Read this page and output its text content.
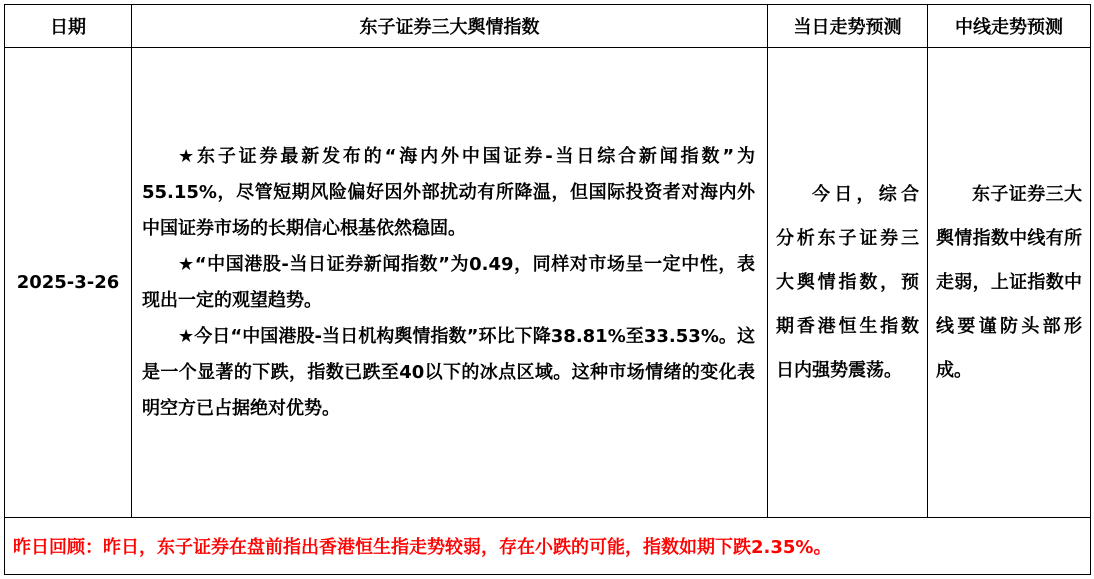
日期	东子证券三大舆情指数	当日走势预测	中线走势预测
2025-3-26	★东子证券最新发布的“海内外中国证券-当日综合新闻指数”为55.15%，尽管短期风险偏好因外部扰动有所降温，但国际投资者对海内外中国证券市场的长期信心根基依然稳固。

★“中国港股-当日证券新闻指数”为0.49，同样对市场呈一定中性，表现出一定的观望趋势。

★今日“中国港股-当日机构舆情指数”环比下降38.81%至33.53%。这是一个显著的下跌，指数已跌至40以下的冰点区域。这种市场情绪的变化表明空方已占据绝对优势。	今日，综合分析东子证券三大舆情指数，预期香港恒生指数日内强势震荡。	东子证券三大舆情指数中线有所走弱，上证指数中线要谨防头部形成。

昨日回顾：昨日，东子证券在盘前指出香港恒生指走势较弱，存在小跌的可能，指数如期下跌2.35%。			
